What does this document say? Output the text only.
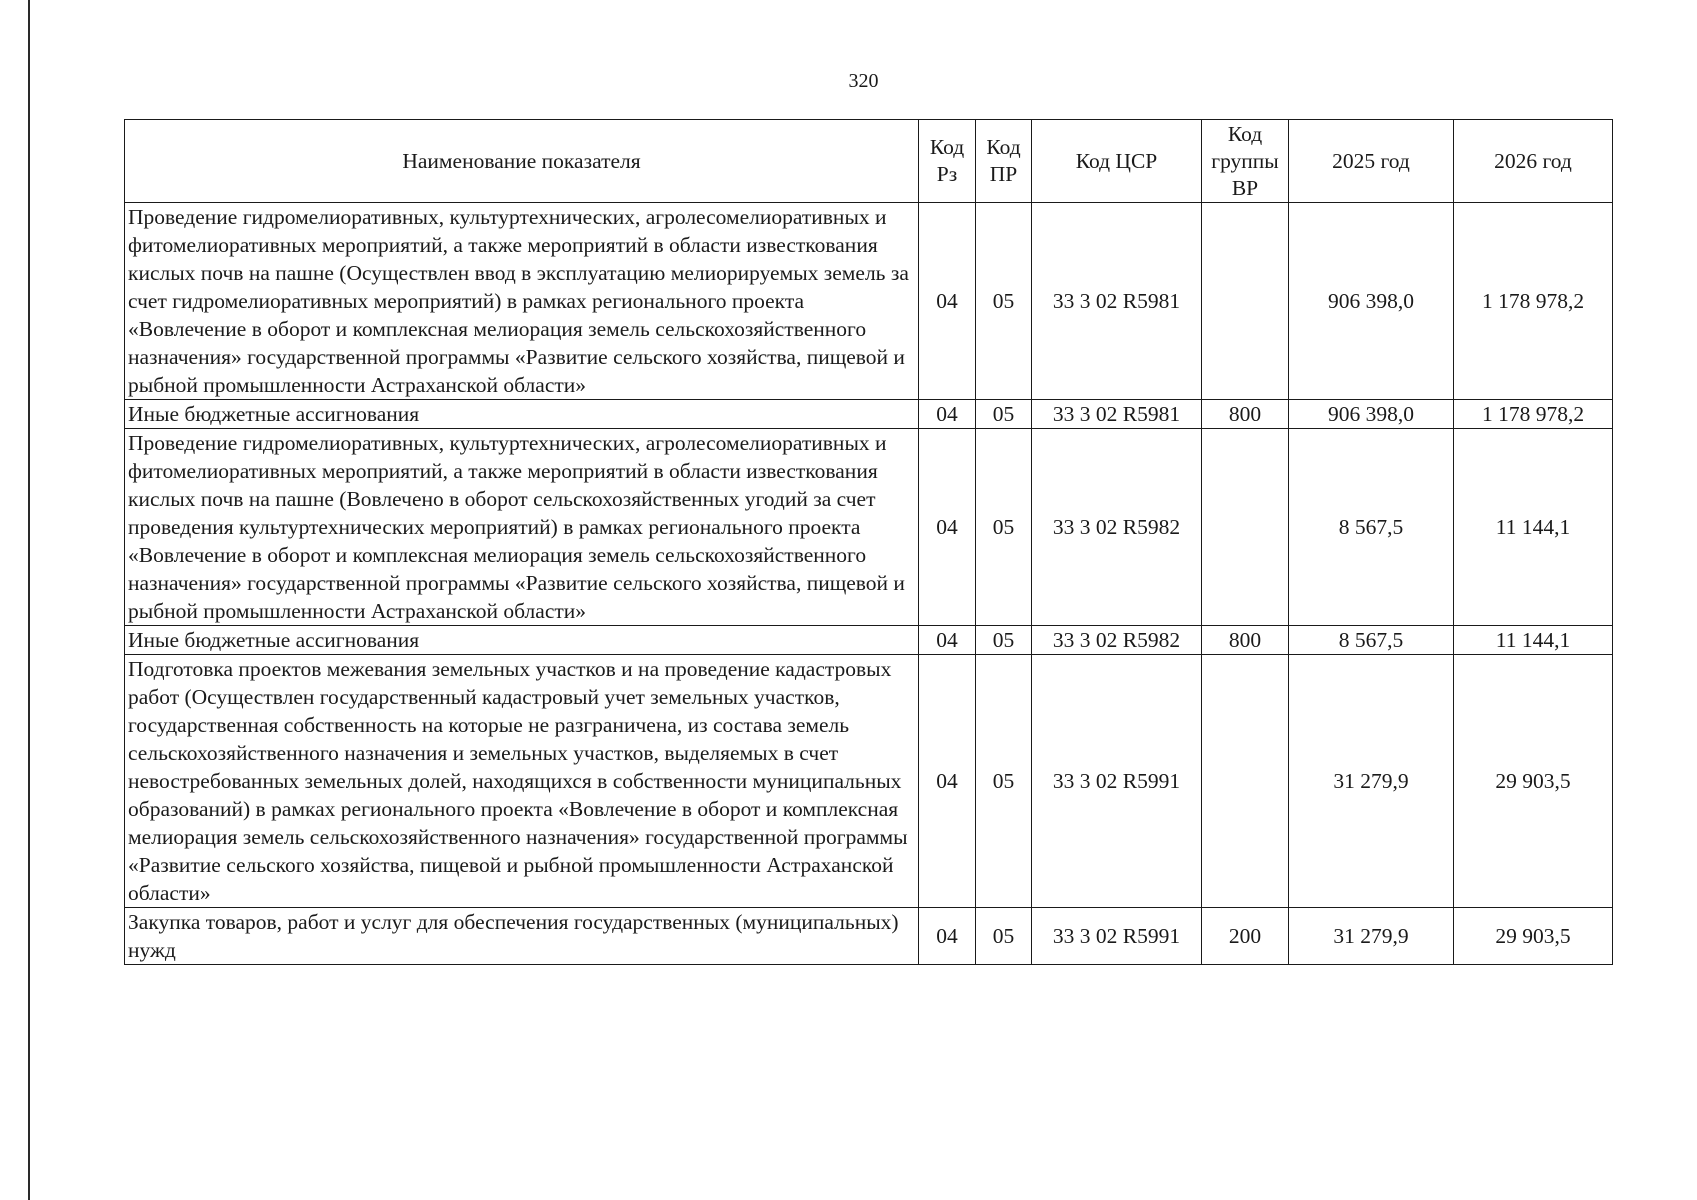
320
Наименование показателя	Код Рз	Код ПР	Код ЦСР	Код группы ВР	2025 год	2026 год
Проведение гидромелиоративных, культуртехнических, агролесомелиоративных и фитомелиоративных мероприятий, а также мероприятий в области известкования кислых почв на пашне (Осуществлен ввод в эксплуатацию мелиорируемых земель за счет гидромелиоративных мероприятий) в рамках регионального проекта «Вовлечение в оборот и комплексная мелиорация земель сельскохозяйственного назначения» государственной программы «Развитие сельского хозяйства, пищевой и рыбной промышленности Астраханской области»	04	05	33 3 02 R5981		906 398,0	1 178 978,2
Иные бюджетные ассигнования	04	05	33 3 02 R5981	800	906 398,0	1 178 978,2
Проведение гидромелиоративных, культуртехнических, агролесомелиоративных и фитомелиоративных мероприятий, а также мероприятий в области известкования кислых почв на пашне (Вовлечено в оборот сельскохозяйственных угодий за счет проведения культуртехнических мероприятий) в рамках регионального проекта «Вовлечение в оборот и комплексная мелиорация земель сельскохозяйственного назначения» государственной программы «Развитие сельского хозяйства, пищевой и рыбной промышленности Астраханской области»	04	05	33 3 02 R5982		8 567,5	11 144,1
Иные бюджетные ассигнования	04	05	33 3 02 R5982	800	8 567,5	11 144,1
Подготовка проектов межевания земельных участков и на проведение кадастровых работ (Осуществлен государственный кадастровый учет земельных участков, государственная собственность на которые не разграничена, из состава земель сельскохозяйственного назначения и земельных участков, выделяемых в счет невостребованных земельных долей, находящихся в собственности муниципальных образований) в рамках регионального проекта «Вовлечение в оборот и комплексная мелиорация земель сельскохозяйственного назначения» государственной программы «Развитие сельского хозяйства, пищевой и рыбной промышленности Астраханской области»	04	05	33 3 02 R5991		31 279,9	29 903,5
Закупка товаров, работ и услуг для обеспечения государственных (муниципальных) нужд	04	05	33 3 02 R5991	200	31 279,9	29 903,5
